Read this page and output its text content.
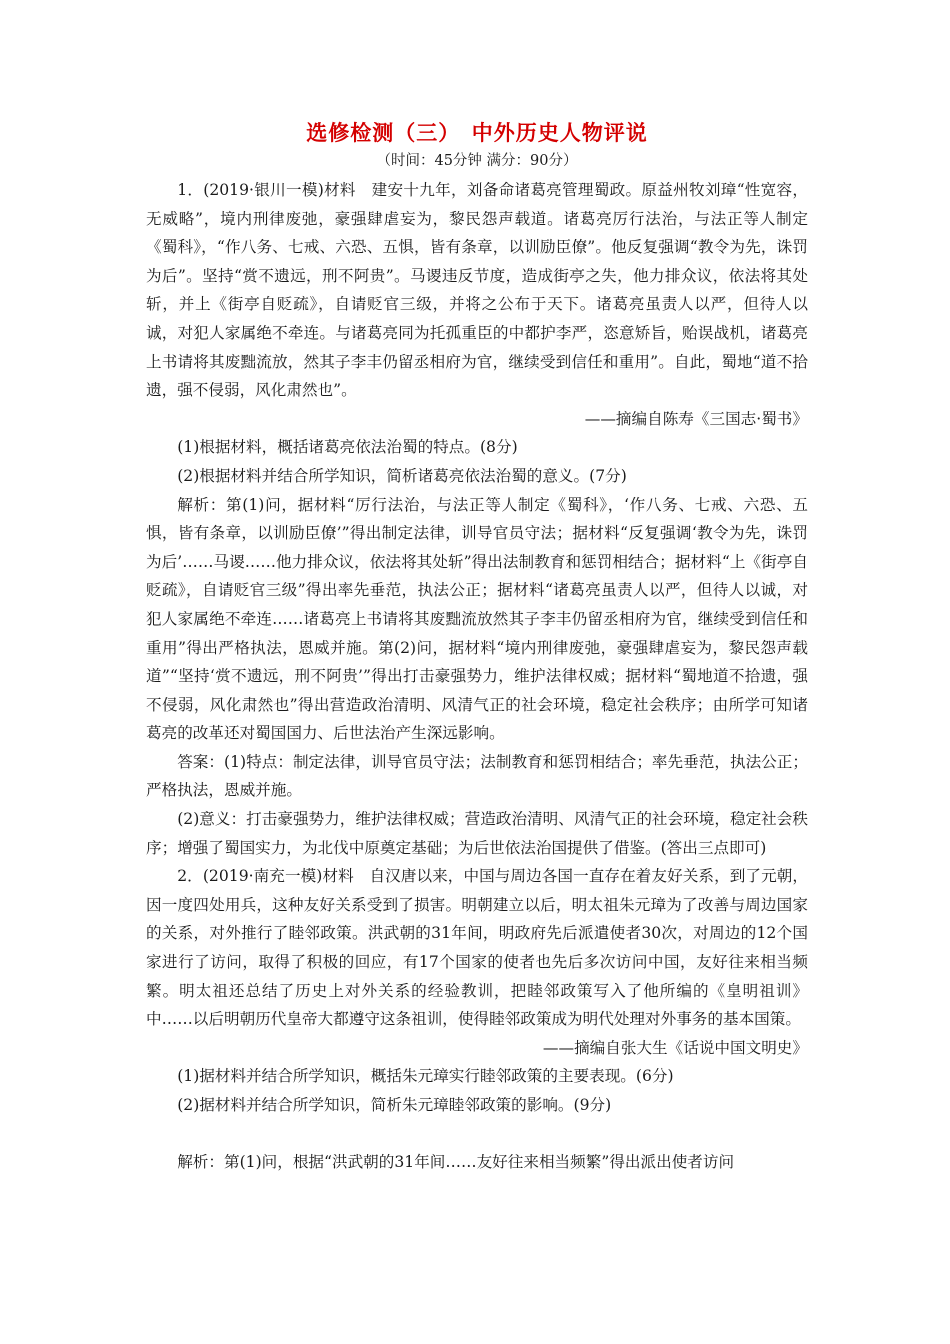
选修检测（三）　中外历史人物评说
（时间：45分钟 满分：90分）

1．(2019·银川一模)材料　建安十九年，刘备命诸葛亮管理蜀政。原益州牧刘璋“性宽容，无威略”，境内刑律废弛，豪强肆虐妄为，黎民怨声载道。诸葛亮厉行法治，与法正等人制定《蜀科》，“作八务、七戒、六恐、五惧，皆有条章，以训励臣僚”。他反复强调“教令为先，诛罚为后”。坚持“赏不遗远，刑不阿贵”。马谡违反节度，造成街亭之失，他力排众议，依法将其处斩，并上《街亭自贬疏》，自请贬官三级，并将之公布于天下。诸葛亮虽责人以严，但待人以诚，对犯人家属绝不牵连。与诸葛亮同为托孤重臣的中都护李严，恣意矫旨，贻误战机，诸葛亮上书请将其废黜流放，然其子李丰仍留丞相府为官，继续受到信任和重用”。自此，蜀地“道不拾遗，强不侵弱，风化肃然也”。

——摘编自陈寿《三国志·蜀书》

(1)根据材料，概括诸葛亮依法治蜀的特点。(8分)

(2)根据材料并结合所学知识，简析诸葛亮依法治蜀的意义。(7分)

解析：第(1)问，据材料“厉行法治，与法正等人制定《蜀科》，‘作八务、七戒、六恐、五惧，皆有条章，以训励臣僚’”得出制定法律，训导官员守法；据材料“反复强调‘教令为先，诛罚为后’……马谡……他力排众议，依法将其处斩”得出法制教育和惩罚相结合；据材料“上《街亭自贬疏》，自请贬官三级”得出率先垂范，执法公正；据材料“诸葛亮虽责人以严，但待人以诚，对犯人家属绝不牵连……诸葛亮上书请将其废黜流放然其子李丰仍留丞相府为官，继续受到信任和重用”得出严格执法，恩威并施。第(2)问，据材料“境内刑律废弛，豪强肆虐妄为，黎民怨声载道”“坚持‘赏不遗远，刑不阿贵’”得出打击豪强势力，维护法律权威；据材料“蜀地道不拾遗，强不侵弱，风化肃然也”得出营造政治清明、风清气正的社会环境，稳定社会秩序；由所学可知诸葛亮的改革还对蜀国国力、后世法治产生深远影响。

答案：(1)特点：制定法律，训导官员守法；法制教育和惩罚相结合；率先垂范，执法公正；严格执法，恩威并施。

(2)意义：打击豪强势力，维护法律权威；营造政治清明、风清气正的社会环境，稳定社会秩序；增强了蜀国实力，为北伐中原奠定基础；为后世依法治国提供了借鉴。(答出三点即可)

2．(2019·南充一模)材料　自汉唐以来，中国与周边各国一直存在着友好关系，到了元朝，因一度四处用兵，这种友好关系受到了损害。明朝建立以后，明太祖朱元璋为了改善与周边国家的关系，对外推行了睦邻政策。洪武朝的31年间，明政府先后派遣使者30次，对周边的12个国家进行了访问，取得了积极的回应，有17个国家的使者也先后多次访问中国，友好往来相当频繁。明太祖还总结了历史上对外关系的经验教训，把睦邻政策写入了他所编的《皇明祖训》中……以后明朝历代皇帝大都遵守这条祖训，使得睦邻政策成为明代处理对外事务的基本国策。

——摘编自张大生《话说中国文明史》

(1)据材料并结合所学知识，概括朱元璋实行睦邻政策的主要表现。(6分)

(2)据材料并结合所学知识，简析朱元璋睦邻政策的影响。(9分)

解析：第(1)问，根据“洪武朝的31年间……友好往来相当频繁”得出派出使者访问
